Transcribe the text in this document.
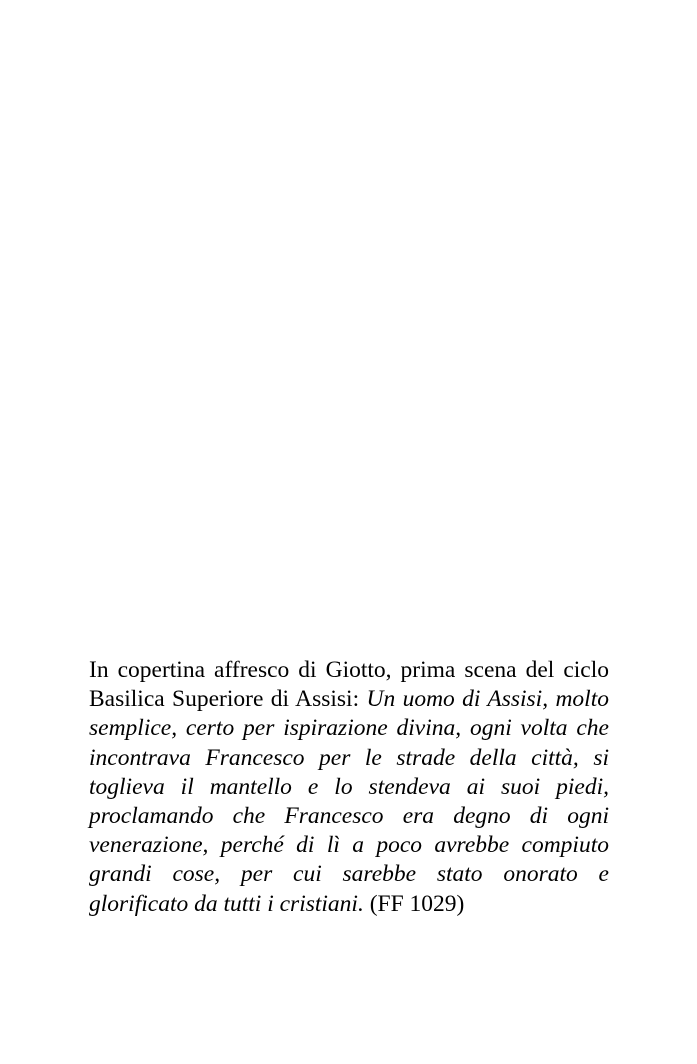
In copertina affresco di Giotto, prima scena del ciclo Basilica Superiore di Assisi: Un uomo di Assisi, molto semplice, certo per ispirazione divina, ogni volta che incontrava Francesco per le strade della città, si toglieva il mantello e lo stendeva ai suoi piedi, proclamando che Francesco era degno di ogni venerazione, perché di lì a poco avrebbe compiuto grandi cose, per cui sarebbe stato onorato e glorificato da tutti i cristiani. (FF 1029)
